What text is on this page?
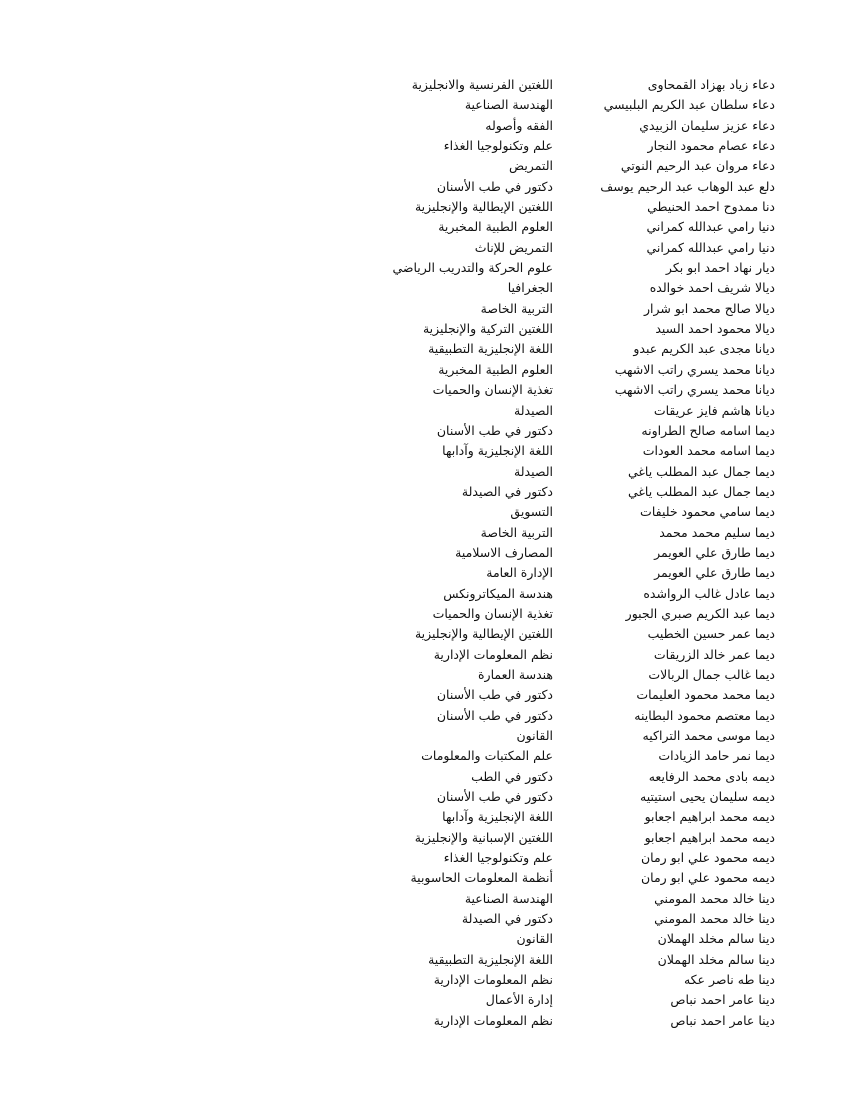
دعاء زياد بهزاد القمحاوى
اللغتين الفرنسية والانجليزية
دعاء سلطان عبد الكريم البلبيسي
الهندسة الصناعية
دعاء عزيز سليمان الزبيدي
الفقه وأصوله
دعاء عصام محمود النجار
علم وتكنولوجيا الغذاء
دعاء مروان عبد الرحيم النوتي
التمريض
دلع عبد الوهاب عبد الرحيم يوسف
دكتور في طب الأسنان
دنا ممدوح احمد الحنيطي
اللغتين الإيطالية والإنجليزية
دنيا رامي عبدالله كمراني
العلوم الطبية المخبرية
دنيا رامي عبدالله كمراني
التمريض للإناث
ديار نهاد احمد ابو بكر
علوم الحركة والتدريب الرياضي
ديالا شريف احمد خوالده
الجغرافيا
ديالا صالح محمد ابو شرار
التربية الخاصة
ديالا محمود احمد السيد
اللغتين التركية والإنجليزية
ديانا مجدى عبد الكريم عبدو
اللغة الإنجليزية التطبيقية
ديانا محمد يسري راتب الاشهب
العلوم الطبية المخبرية
ديانا محمد يسري راتب الاشهب
تغذية الإنسان والحميات
ديانا هاشم فايز عريقات
الصيدلة
ديما اسامه صالح الطراونه
دكتور في طب الأسنان
ديما اسامه محمد العودات
اللغة الإنجليزية وآدابها
ديما جمال عبد المطلب ياغي
الصيدلة
ديما جمال عبد المطلب ياغي
دكتور في الصيدلة
ديما سامي محمود خليفات
التسويق
ديما سليم محمد محمد
التربية الخاصة
ديما طارق علي العويمر
المصارف الاسلامية
ديما طارق علي العويمر
الإدارة العامة
ديما عادل غالب الرواشده
هندسة الميكاترونكس
ديما عبد الكريم صبري الجبور
تغذية الإنسان والحميات
ديما عمر حسين الخطيب
اللغتين الإيطالية والإنجليزية
ديما عمر خالد الزريقات
نظم المعلومات الإدارية
ديما غالب جمال الربالات
هندسة العمارة
ديما محمد محمود العليمات
دكتور في طب الأسنان
ديما معتصم محمود البطاينه
دكتور في طب الأسنان
ديما موسى محمد التراكيه
القانون
ديما نمر حامد الزيادات
علم المكتبات والمعلومات
ديمه بادى محمد الرفايعه
دكتور في الطب
ديمه سليمان يحيى استيتيه
دكتور في طب الأسنان
ديمه محمد ابراهيم اجعابو
اللغة الإنجليزية وآدابها
ديمه محمد ابراهيم اجعابو
اللغتين الإسبانية والإنجليزية
ديمه محمود علي ابو رمان
علم وتكنولوجيا الغذاء
ديمه محمود علي ابو رمان
أنظمة المعلومات الحاسوبية
دينا خالد محمد المومني
الهندسة الصناعية
دينا خالد محمد المومني
دكتور في الصيدلة
دينا سالم مخلد الهملان
القانون
دينا سالم مخلد الهملان
اللغة الإنجليزية التطبيقية
دينا طه ناصر عكه
نظم المعلومات الإدارية
دينا عامر احمد نباص
إدارة الأعمال
دينا عامر احمد نباص
نظم المعلومات الإدارية
